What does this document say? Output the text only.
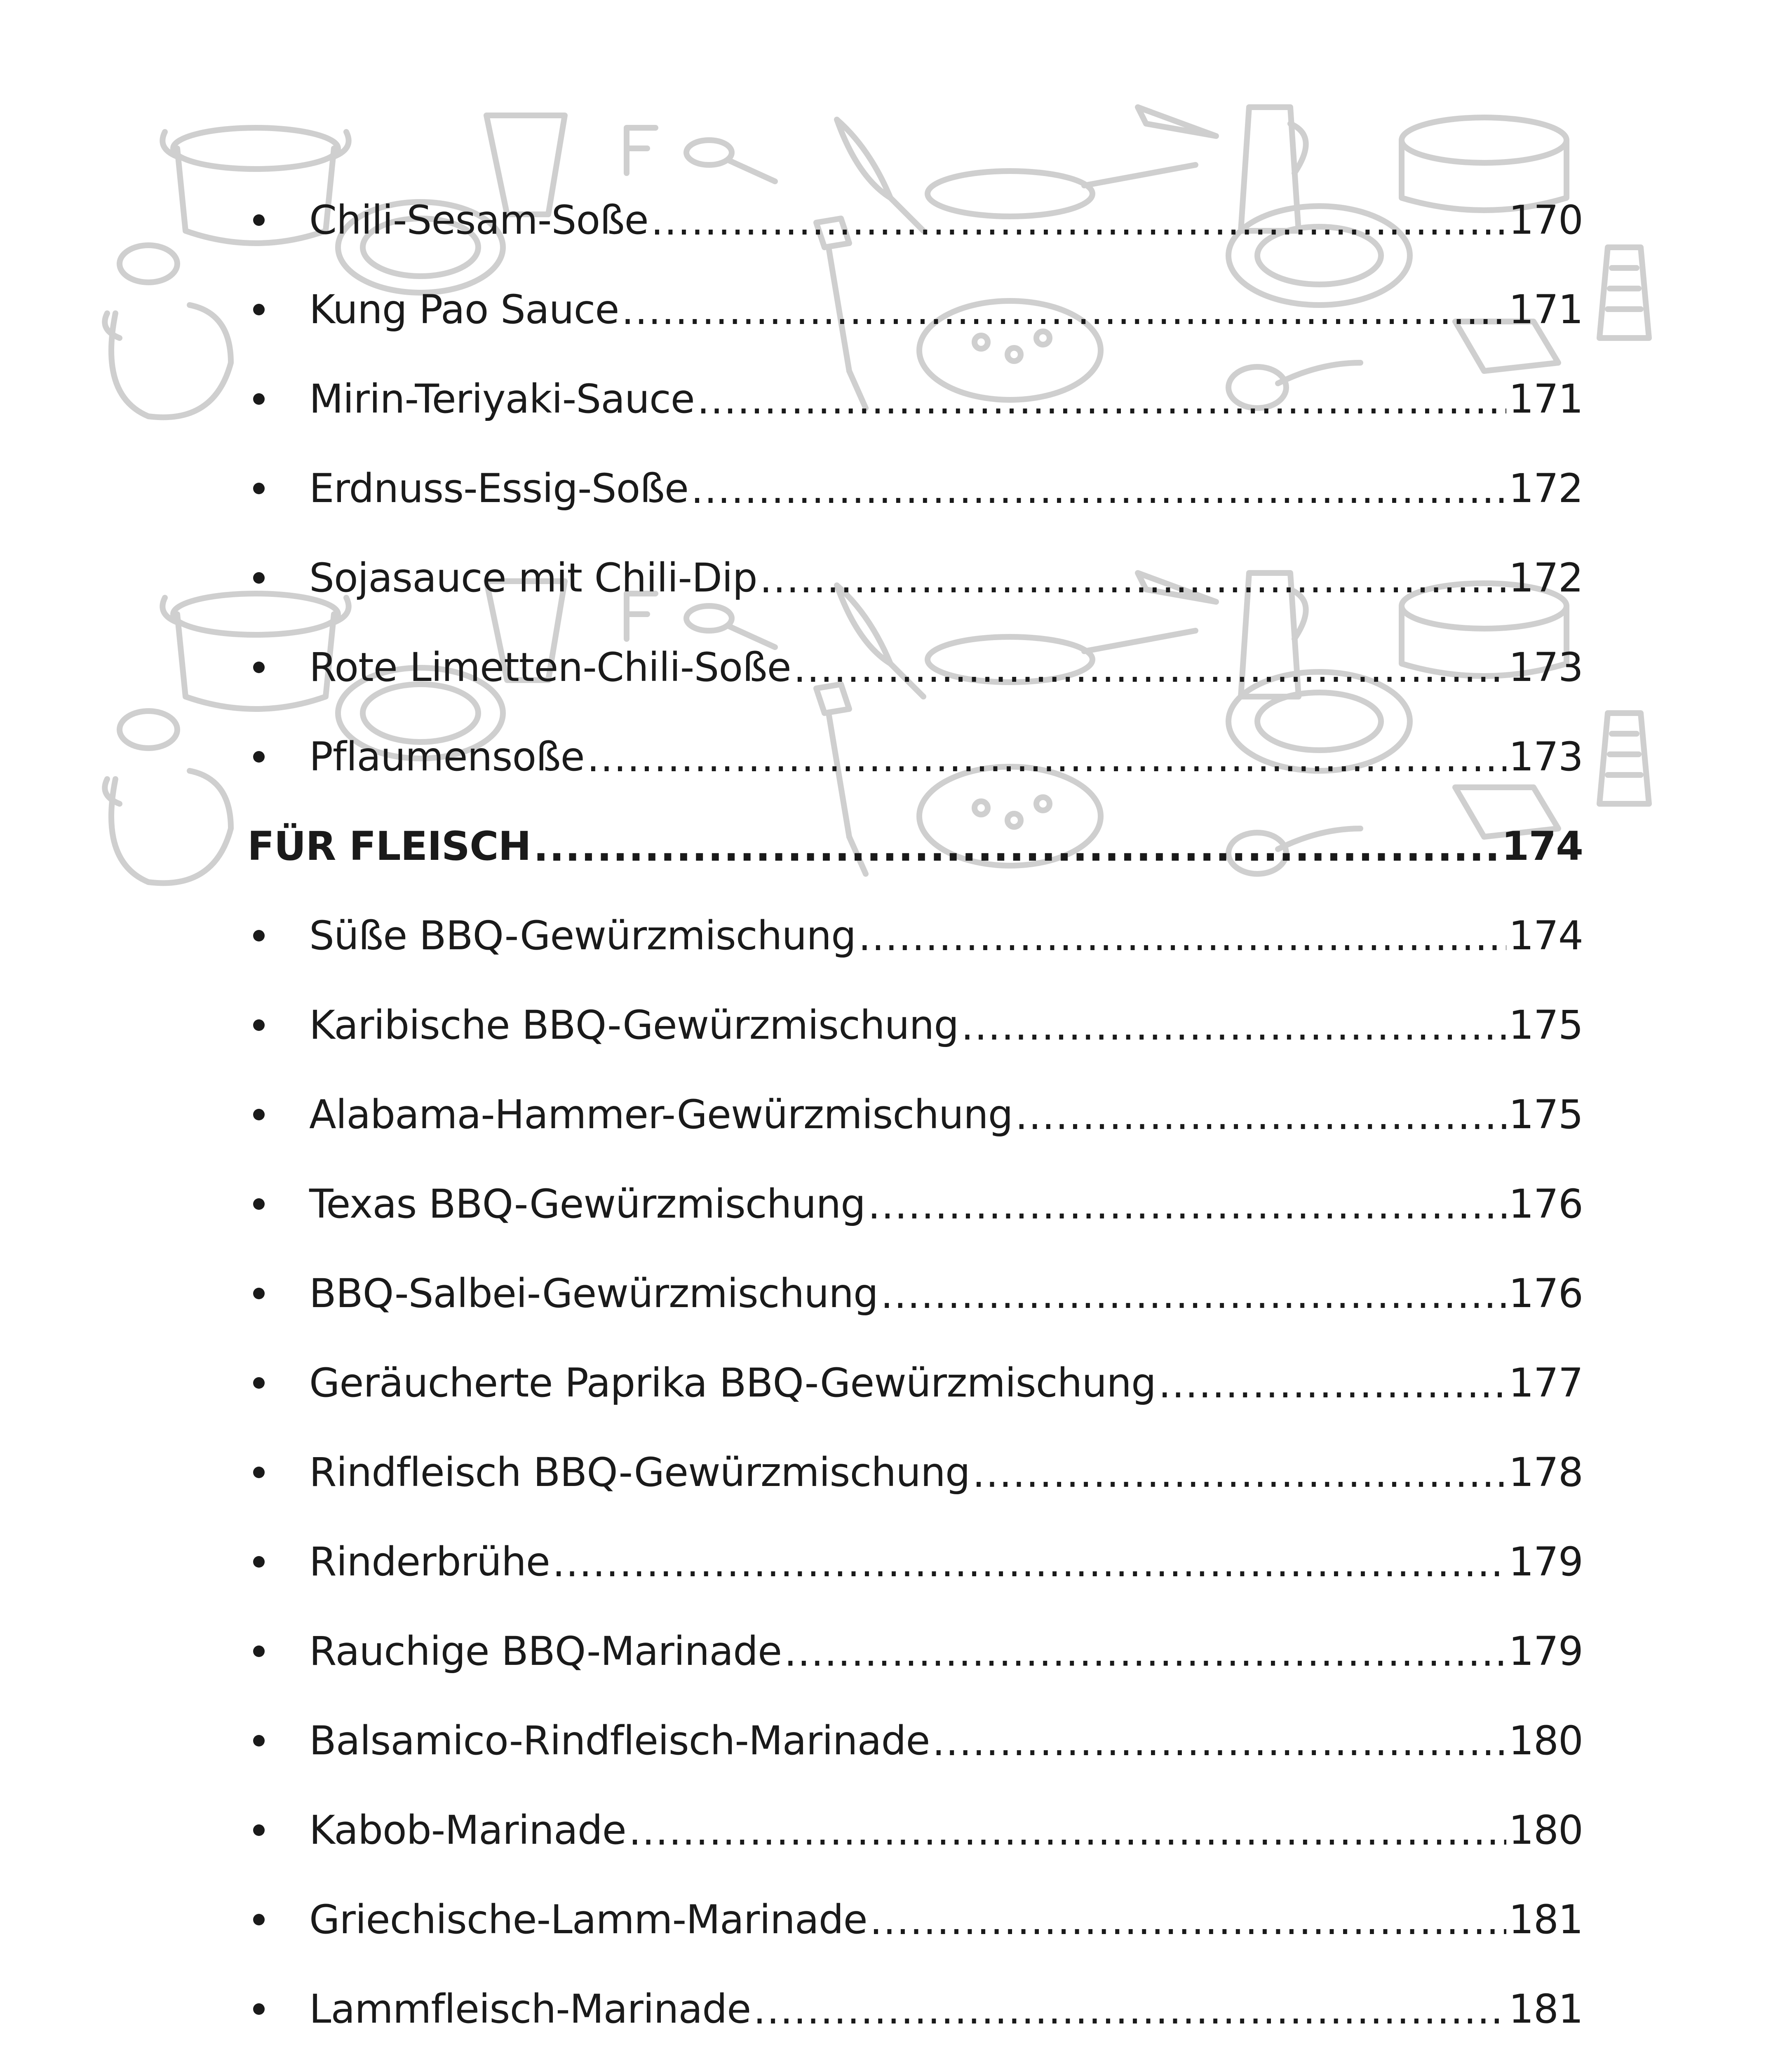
Chili-Sesam-Soße .....	170
Kung Pao Sauce .....	171
Mirin-Teriyaki-Sauce .....	171
Erdnuss-Essig-Soße .....	172
Sojasauce mit Chili-Dip .....	172
Rote Limetten-Chili-Soße .....	173
Pflaumensoße .....	173
FÜR FLEISCH .....	174
Süße BBQ-Gewürzmischung .....	174
Karibische BBQ-Gewürzmischung .....	175
Alabama-Hammer-Gewürzmischung .....	175
Texas BBQ-Gewürzmischung .....	176
BBQ-Salbei-Gewürzmischung .....	176
Geräucherte Paprika BBQ-Gewürzmischung .....	177
Rindfleisch BBQ-Gewürzmischung .....	178
Rinderbrühe .....	179
Rauchige BBQ-Marinade .....	179
Balsamico-Rindfleisch-Marinade .....	180
Kabob-Marinade .....	180
Griechische-Lamm-Marinade .....	181
Lammfleisch-Marinade .....	181
